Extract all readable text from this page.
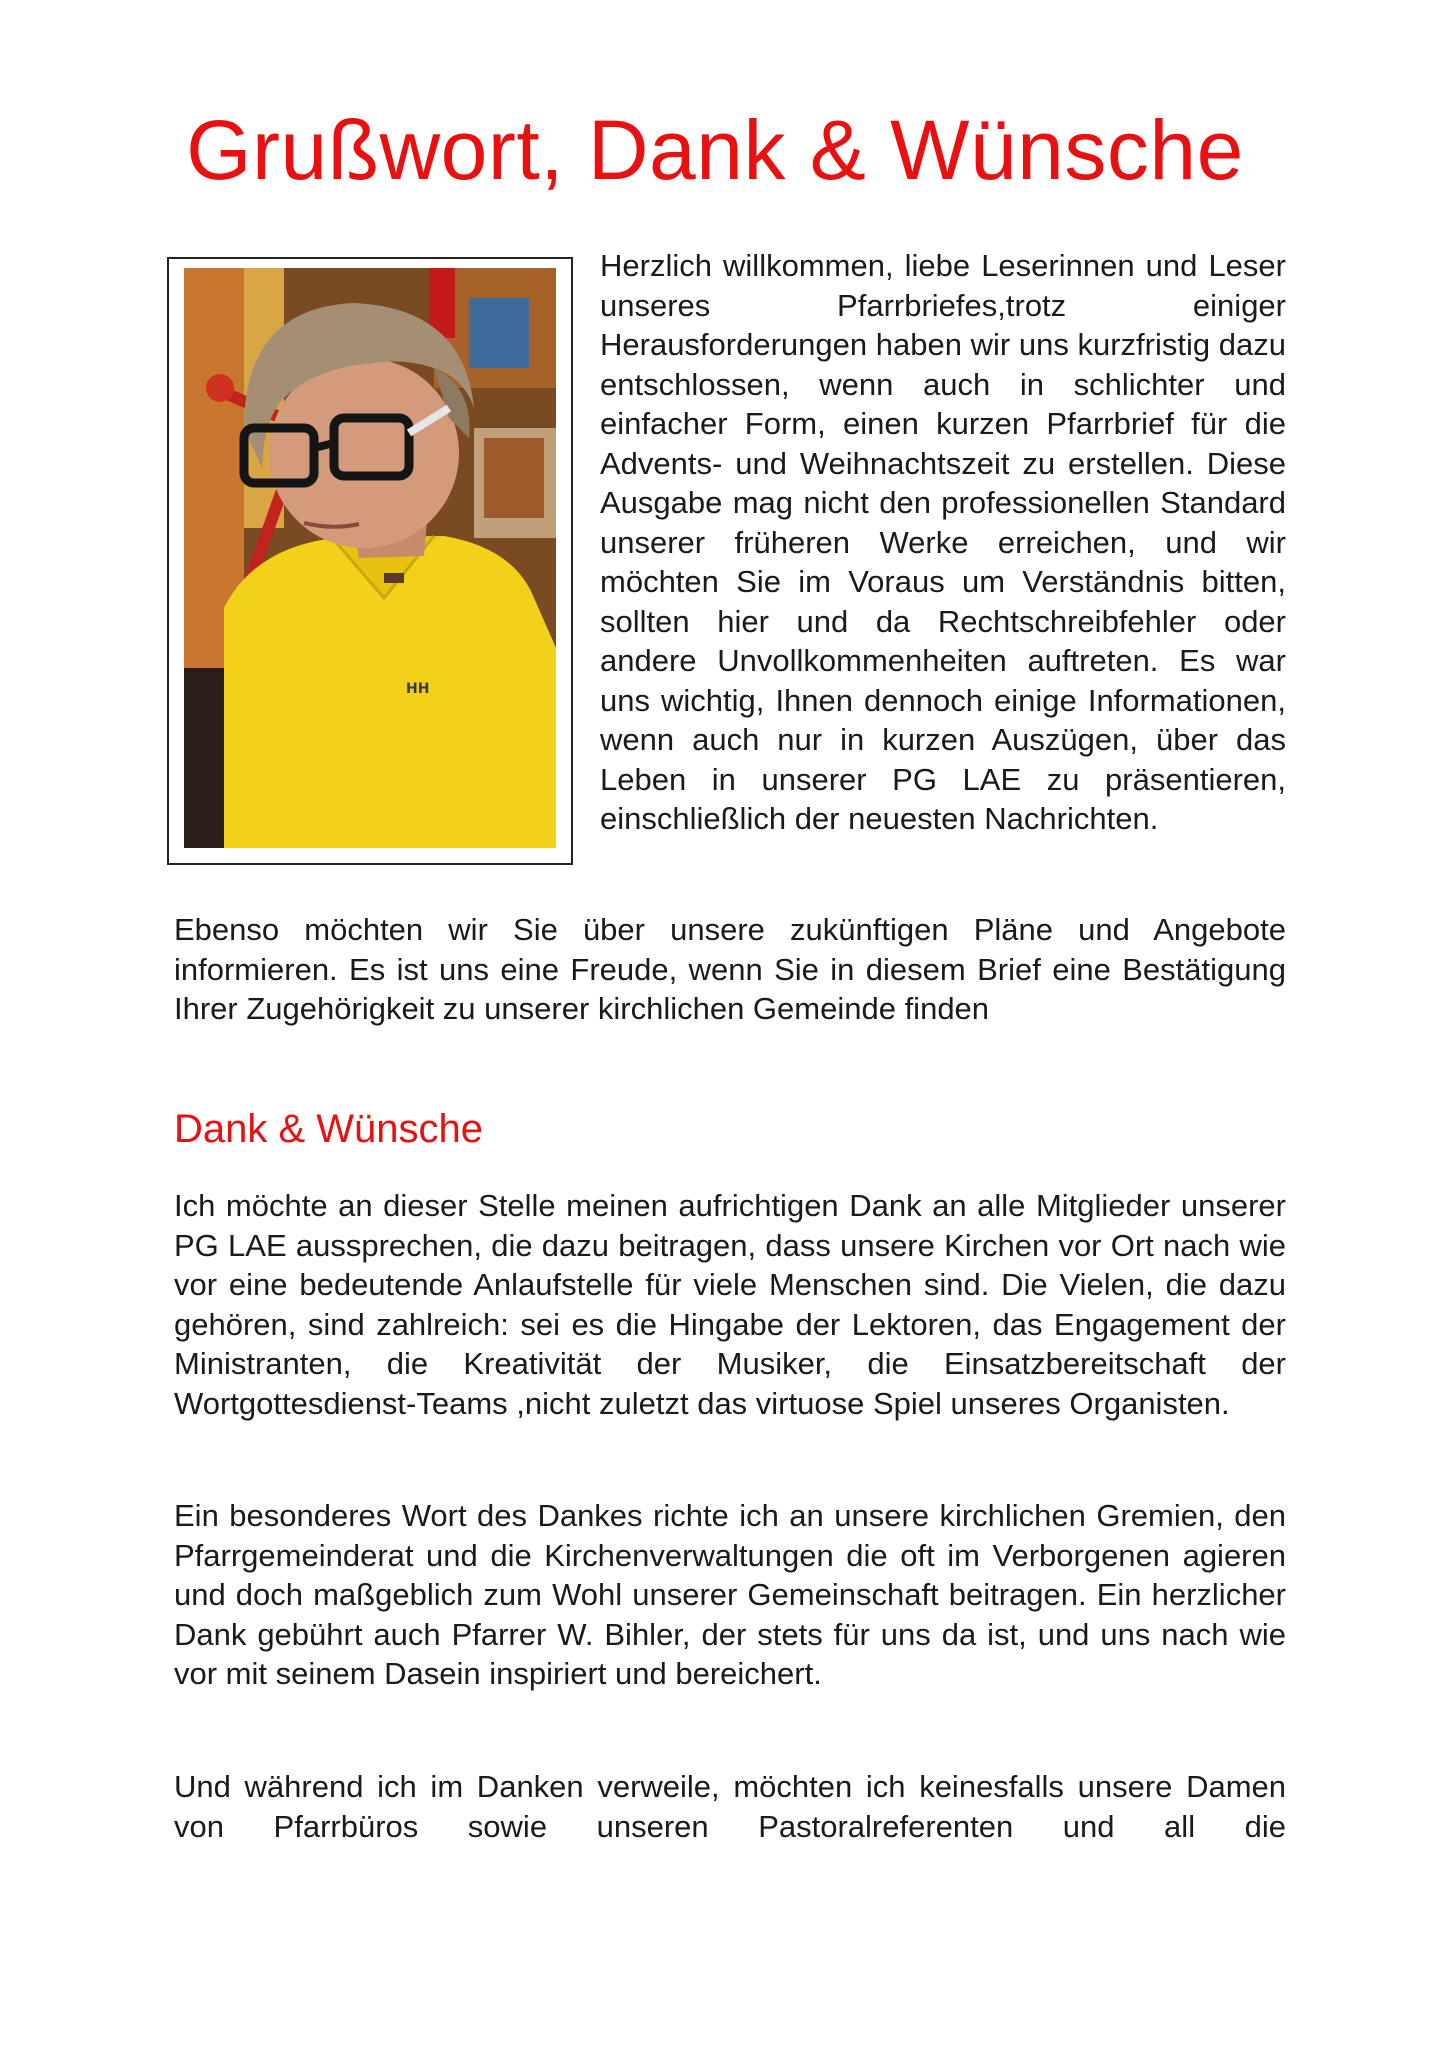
Grußwort, Dank & Wünsche
HH

Herzlich willkommen, liebe Leserinnen und Leser unseres Pfarrbriefes,trotz einiger Herausforderungen haben wir uns kurzfristig dazu entschlossen, wenn auch in schlichter und einfacher Form, einen kurzen Pfarrbrief für die Advents- und Weihnachtszeit zu erstellen. Diese Ausgabe mag nicht den professionellen Standard unserer früheren Werke erreichen, und wir möchten Sie im Voraus um Verständnis bitten, sollten hier und da Rechtschreibfehler oder andere Unvollkommenheiten auftreten. Es war uns wichtig, Ihnen dennoch einige Informationen, wenn auch nur in kurzen Auszügen, über das Leben in unserer PG LAE zu präsentieren, einschließlich der neuesten Nachrichten.

Ebenso möchten wir Sie über unsere zukünftigen Pläne und Angebote informieren. Es ist uns eine Freude, wenn Sie in diesem Brief eine Bestätigung Ihrer Zugehörigkeit zu unserer kirchlichen Gemeinde finden

Dank & Wünsche

Ich möchte an dieser Stelle meinen aufrichtigen Dank an alle Mitglieder unserer PG LAE aussprechen, die dazu beitragen, dass unsere Kirchen vor Ort nach wie vor eine bedeutende Anlaufstelle für viele Menschen sind. Die Vielen, die dazu gehören, sind zahlreich: sei es die Hingabe der Lektoren, das Engagement der Ministranten, die Kreativität der Musiker, die Einsatzbereitschaft der Wortgottesdienst-Teams ,nicht zuletzt das virtuose Spiel unseres Organisten.

Ein besonderes Wort des Dankes richte ich an unsere kirchlichen Gremien, den Pfarrgemeinderat und die Kirchenverwaltungen die oft im Verborgenen agieren und doch maßgeblich zum Wohl unserer Gemeinschaft beitragen. Ein herzlicher Dank gebührt auch Pfarrer W. Bihler, der stets für uns da ist, und uns nach wie vor mit seinem Dasein inspiriert und bereichert.

Und während ich im Danken verweile, möchten ich keinesfalls unsere Damen von Pfarrbüros sowie unseren Pastoralreferenten und all die
